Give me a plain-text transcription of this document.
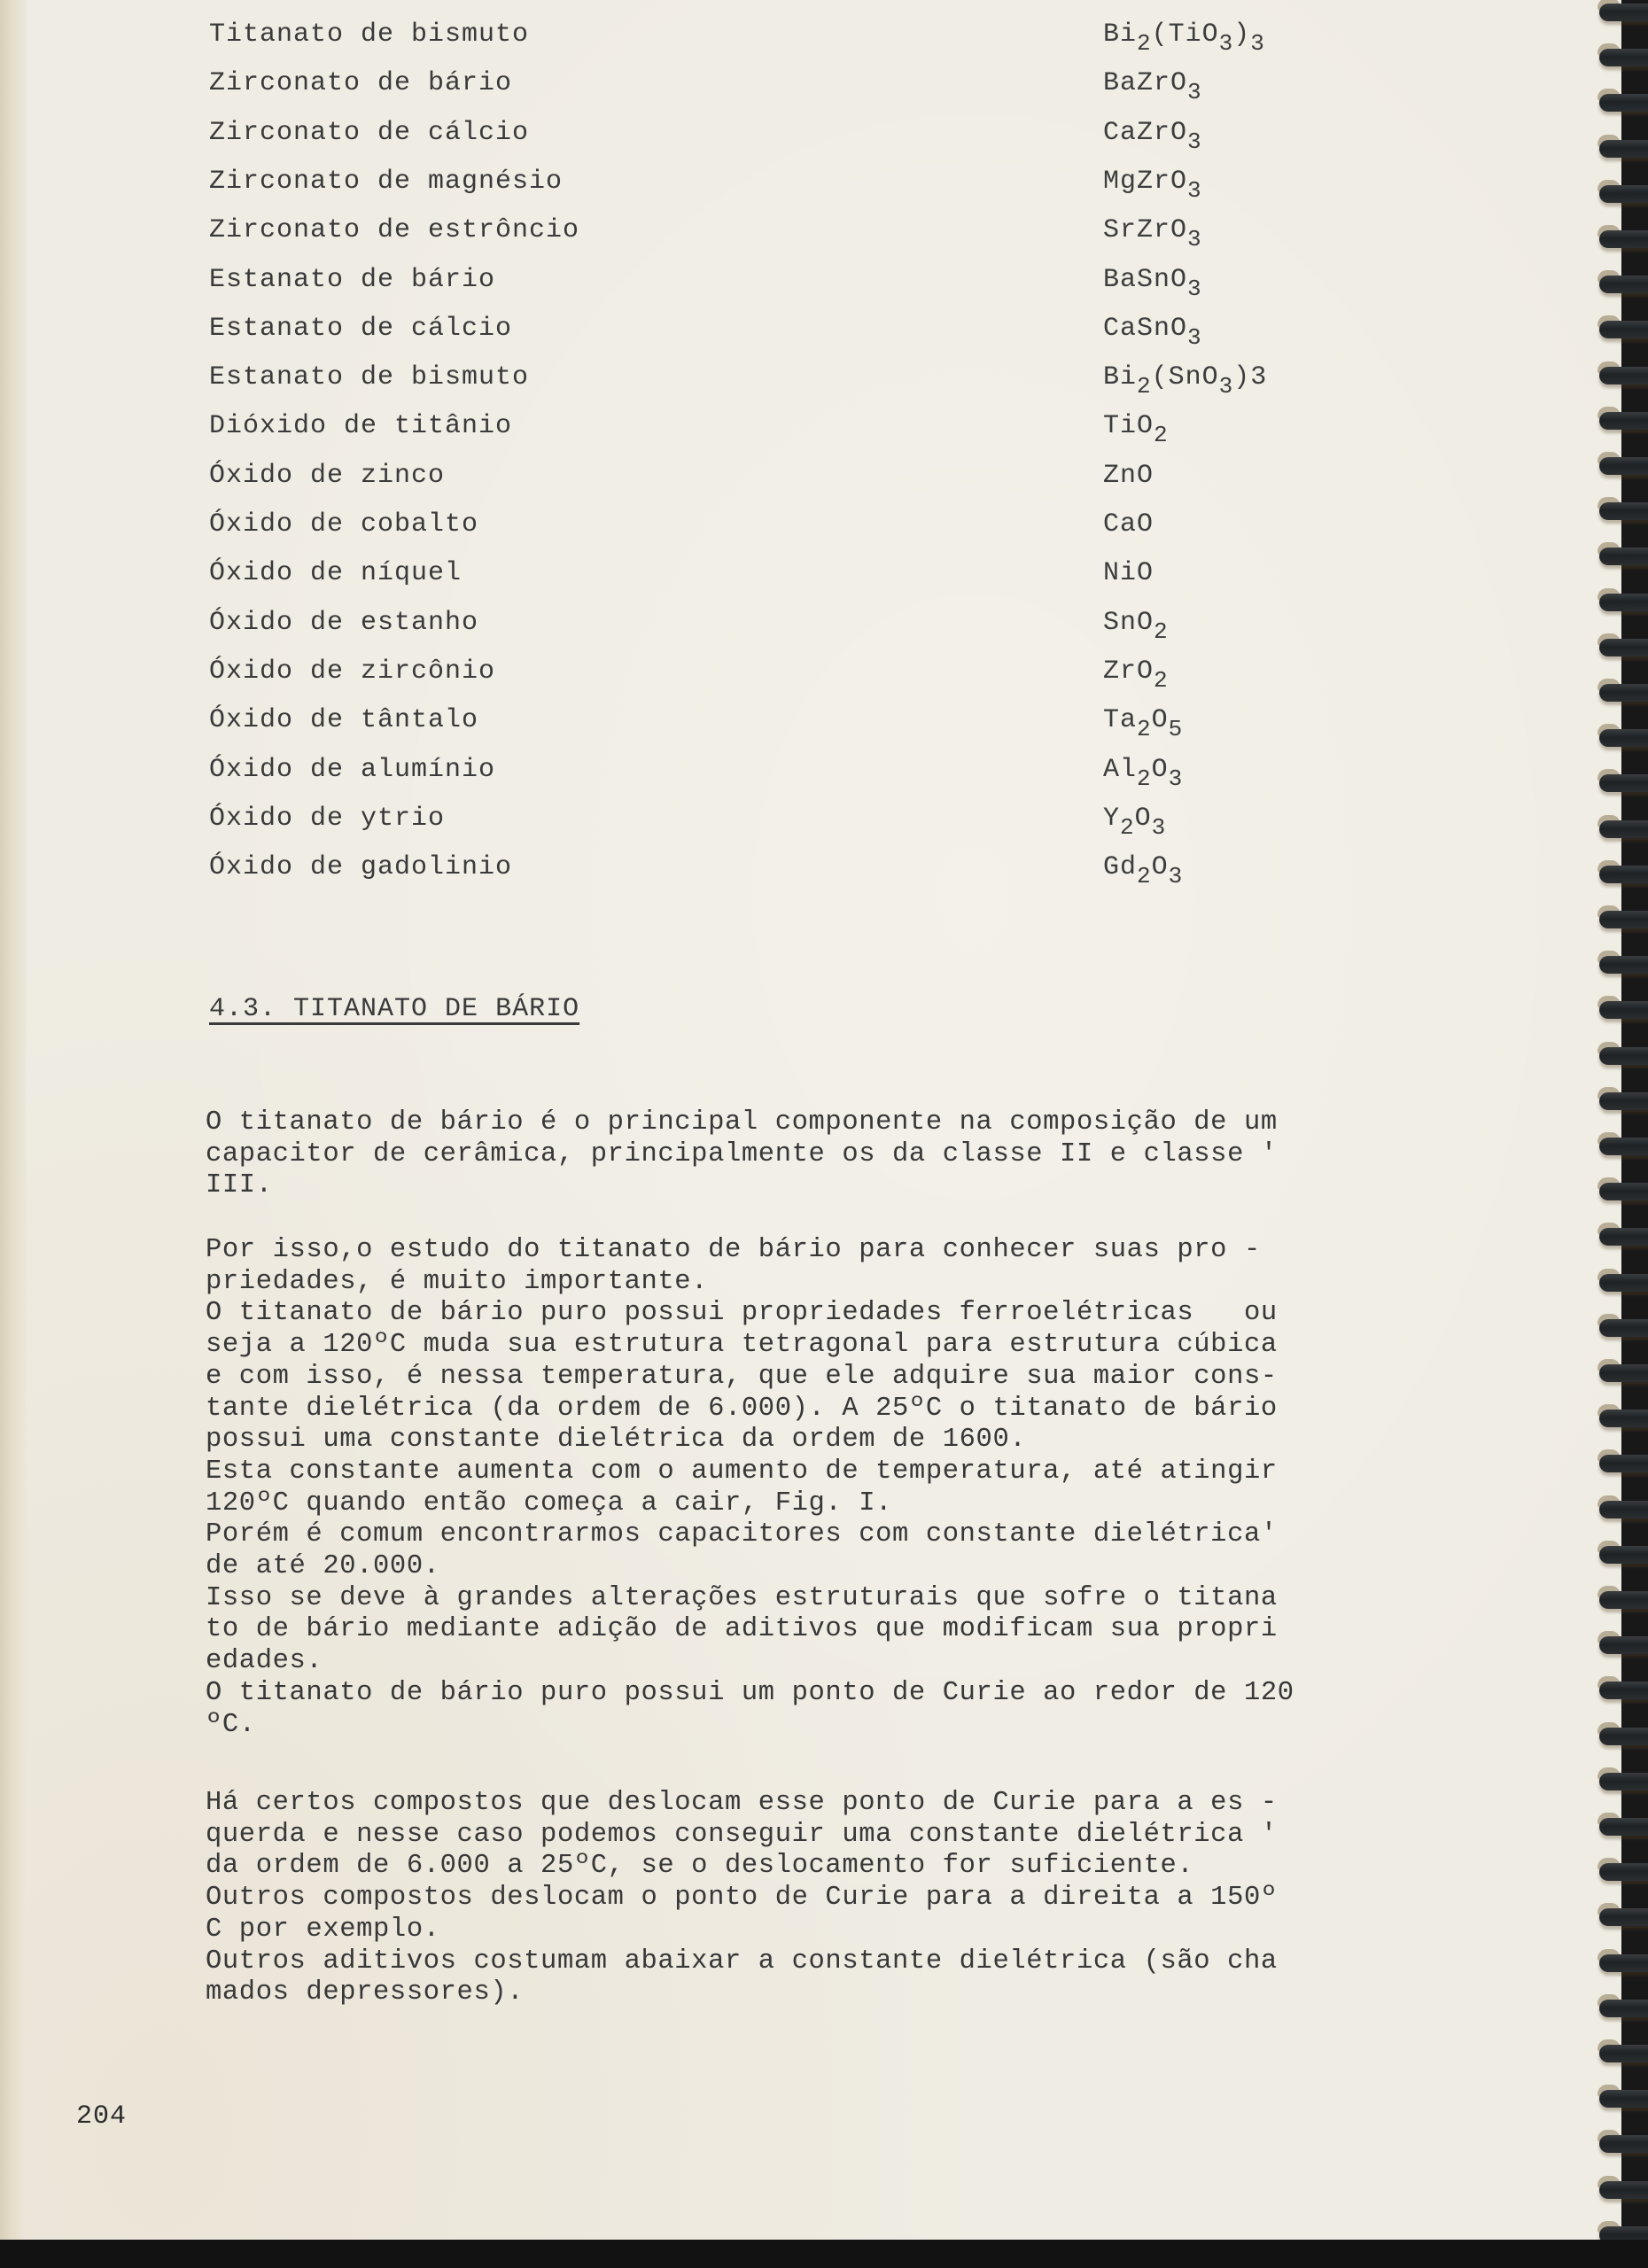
Titanato de bismuto	$Bi_2(TiO_3)_3$
Zirconato de bário	BaZrO$_3$
Zirconato de cálcio	CaZrO$_3$
Zirconato de magnésio	MgZrO$_3$
Zirconato de estrôncio	SrZrO$_3$
Estanato de bário	BaSnO$_3$
Estanato de cálcio	CaSnO$_3$
Estanato de bismuto	$Bi_2(SnO_3)3$
Dióxido de titânio	TiO$_2$
Óxido de zinco	ZnO
Óxido de cobalto	CaO
Óxido de níquel	NiO
Óxido de estanho	SnO$_2$
Óxido de zircônio	ZrO$_2$
Óxido de tântalo	$Ta_2O_5$
Óxido de alumínio	$Al_2O_3$
Óxido de ytrio	$Y_2O_3$
Óxido de gadolinio	$Gd_2O_3$
4.3. TITANATO DE BÁRIO
O titanato de bário é o principal componente na composição de um
capacitor de cerâmica, principalmente os da classe II e classe '
III.
Por isso,o estudo do titanato de bário para conhecer suas pro -
priedades, é muito importante.
O titanato de bário puro possui propriedades ferroelétricas   ou
seja a 120ºC muda sua estrutura tetragonal para estrutura cúbica
e com isso, é nessa temperatura, que ele adquire sua maior cons-
tante dielétrica (da ordem de 6.000). A 25ºC o titanato de bário
possui uma constante dielétrica da ordem de 1600.
Esta constante aumenta com o aumento de temperatura, até atingir
120ºC quando então começa a cair, Fig. I.
Porém é comum encontrarmos capacitores com constante dielétrica'
de até 20.000.
Isso se deve à grandes alterações estruturais que sofre o titana
to de bário mediante adição de aditivos que modificam sua propri
edades.
O titanato de bário puro possui um ponto de Curie ao redor de 120
ºC.
Há certos compostos que deslocam esse ponto de Curie para a es -
querda e nesse caso podemos conseguir uma constante dielétrica '
da ordem de 6.000 a 25ºC, se o deslocamento for suficiente.
Outros compostos deslocam o ponto de Curie para a direita a 150º
C por exemplo.
Outros aditivos costumam abaixar a constante dielétrica (são cha
mados depressores).
204
